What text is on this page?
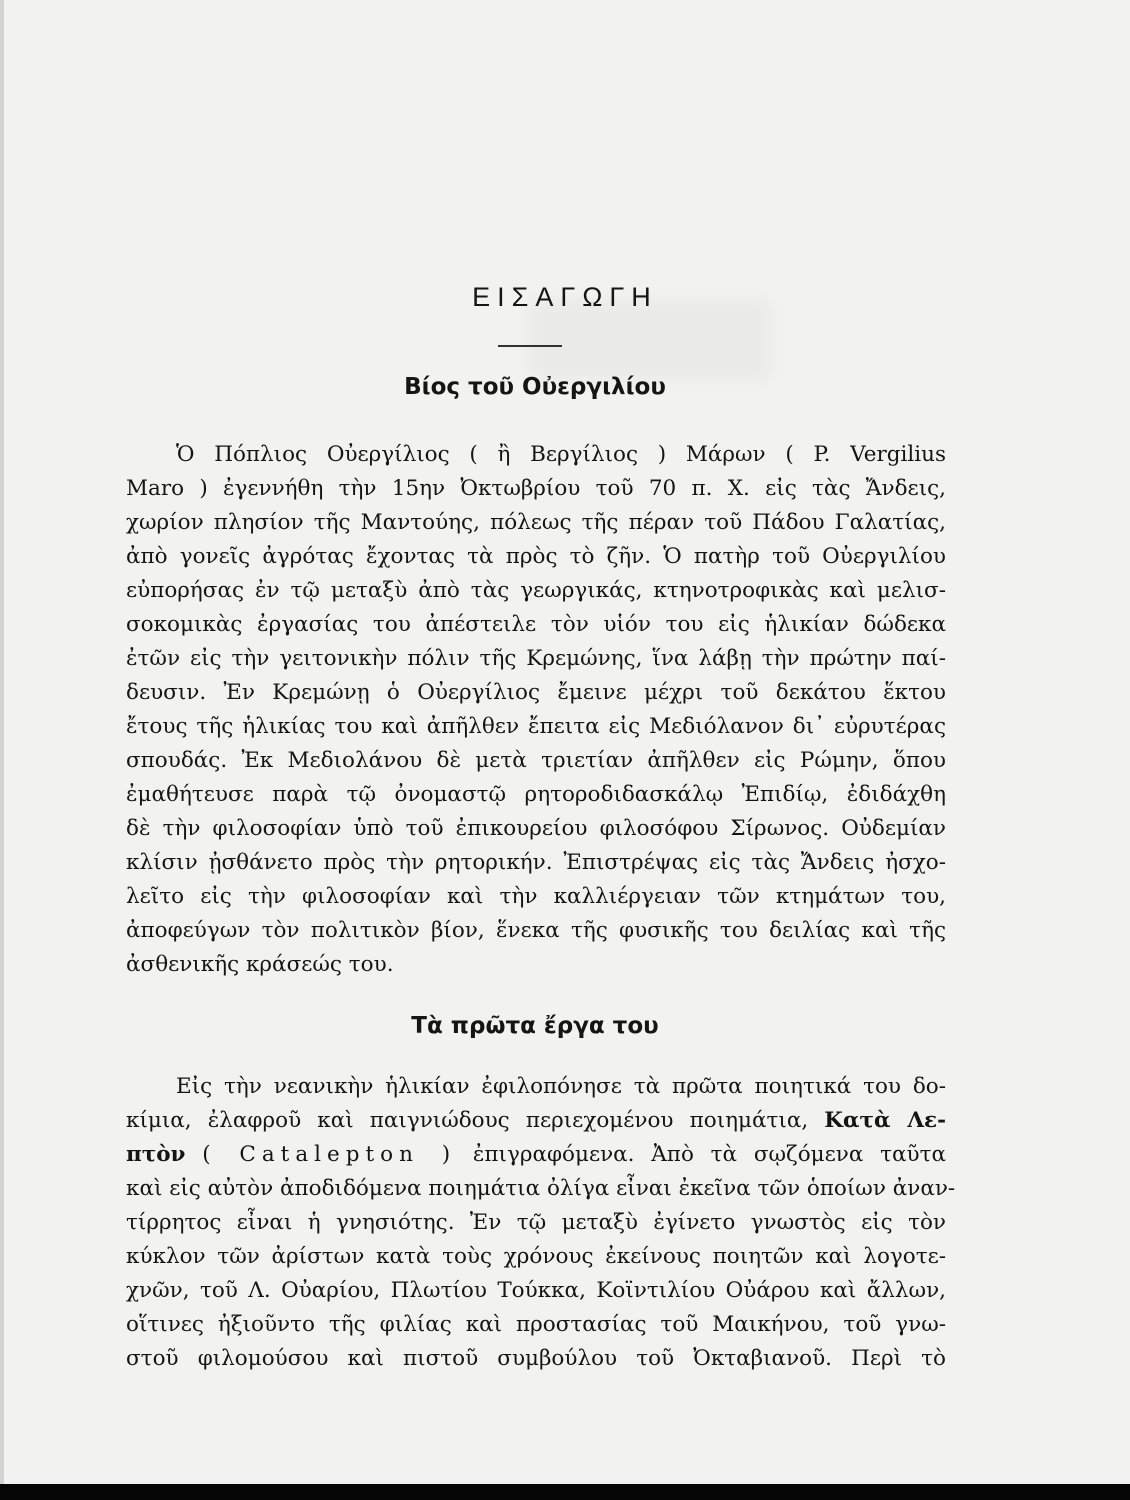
ΕΙΣΑΓΩΓΗ
Βίος τοῦ Οὐεργιλίου
Ὁ Πόπλιος Οὐεργίλιος ( ἢ Βεργίλιος ) Μάρων ( P. Vergilius
Maro ) ἐγεννήθη τὴν 15ην Ὀκτωβρίου τοῦ 70 π. Χ. εἰς τὰς Ἄνδεις,
χωρίον πλησίον τῆς Μαντούης, πόλεως τῆς πέραν τοῦ Πάδου Γαλατίας,
ἀπὸ γονεῖς ἀγρότας ἔχοντας τὰ πρὸς τὸ ζῆν. Ὁ πατὴρ τοῦ Οὐεργιλίου
εὐπορήσας ἐν τῷ μεταξὺ ἀπὸ τὰς γεωργικάς, κτηνοτροφικὰς καὶ μελισ-
σοκομικὰς ἐργασίας του ἀπέστειλε τὸν υἱόν του εἰς ἡλικίαν δώδεκα
ἐτῶν εἰς τὴν γειτονικὴν πόλιν τῆς Κρεμώνης, ἵνα λάβῃ τὴν πρώτην παί-
δευσιν. Ἐν Κρεμώνῃ ὁ Οὐεργίλιος ἔμεινε μέχρι τοῦ δεκάτου ἕκτου
ἔτους τῆς ἡλικίας του καὶ ἀπῆλθεν ἔπειτα εἰς Μεδιόλανον δι᾽ εὐρυτέρας
σπουδάς. Ἐκ Μεδιολάνου δὲ μετὰ τριετίαν ἀπῆλθεν εἰς Ρώμην, ὅπου
ἐμαθήτευσε παρὰ τῷ ὀνομαστῷ ρητοροδιδασκάλῳ Ἐπιδίῳ, ἐδιδάχθη
δὲ τὴν φιλοσοφίαν ὑπὸ τοῦ ἐπικουρείου φιλοσόφου Σίρωνος. Οὐδεμίαν
κλίσιν ᾐσθάνετο πρὸς τὴν ρητορικήν. Ἐπιστρέψας εἰς τὰς Ἄνδεις ἠσχο-
λεῖτο εἰς τὴν φιλοσοφίαν καὶ τὴν καλλιέργειαν τῶν κτημάτων του,
ἀποφεύγων τὸν πολιτικὸν βίον, ἕνεκα τῆς φυσικῆς του δειλίας καὶ τῆς
ἀσθενικῆς κράσεώς του.
Τὰ πρῶτα ἔργα του
Εἰς τὴν νεανικὴν ἡλικίαν ἐφιλοπόνησε τὰ πρῶτα ποιητικά του δο-
κίμια, ἐλαφροῦ καὶ παιγνιώδους περιεχομένου ποιημάτια, Κατὰ Λε-
πτὸν ( Catalepton ) ἐπιγραφόμενα. Ἀπὸ τὰ σῳζόμενα ταῦτα
καὶ εἰς αὐτὸν ἀποδιδόμενα ποιημάτια ὀλίγα εἶναι ἐκεῖνα τῶν ὁποίων ἀναν-
τίρρητος εἶναι ἡ γνησιότης. Ἐν τῷ μεταξὺ ἐγίνετο γνωστὸς εἰς τὸν
κύκλον τῶν ἀρίστων κατὰ τοὺς χρόνους ἐκείνους ποιητῶν καὶ λογοτε-
χνῶν, τοῦ Λ. Οὐαρίου, Πλωτίου Τούκκα, Κοϊντιλίου Οὐάρου καὶ ἄλλων,
οἵτινες ἠξιοῦντο τῆς φιλίας καὶ προστασίας τοῦ Μαικήνου, τοῦ γνω-
στοῦ φιλομούσου καὶ πιστοῦ συμβούλου τοῦ Ὀκταβιανοῦ. Περὶ τὸ
